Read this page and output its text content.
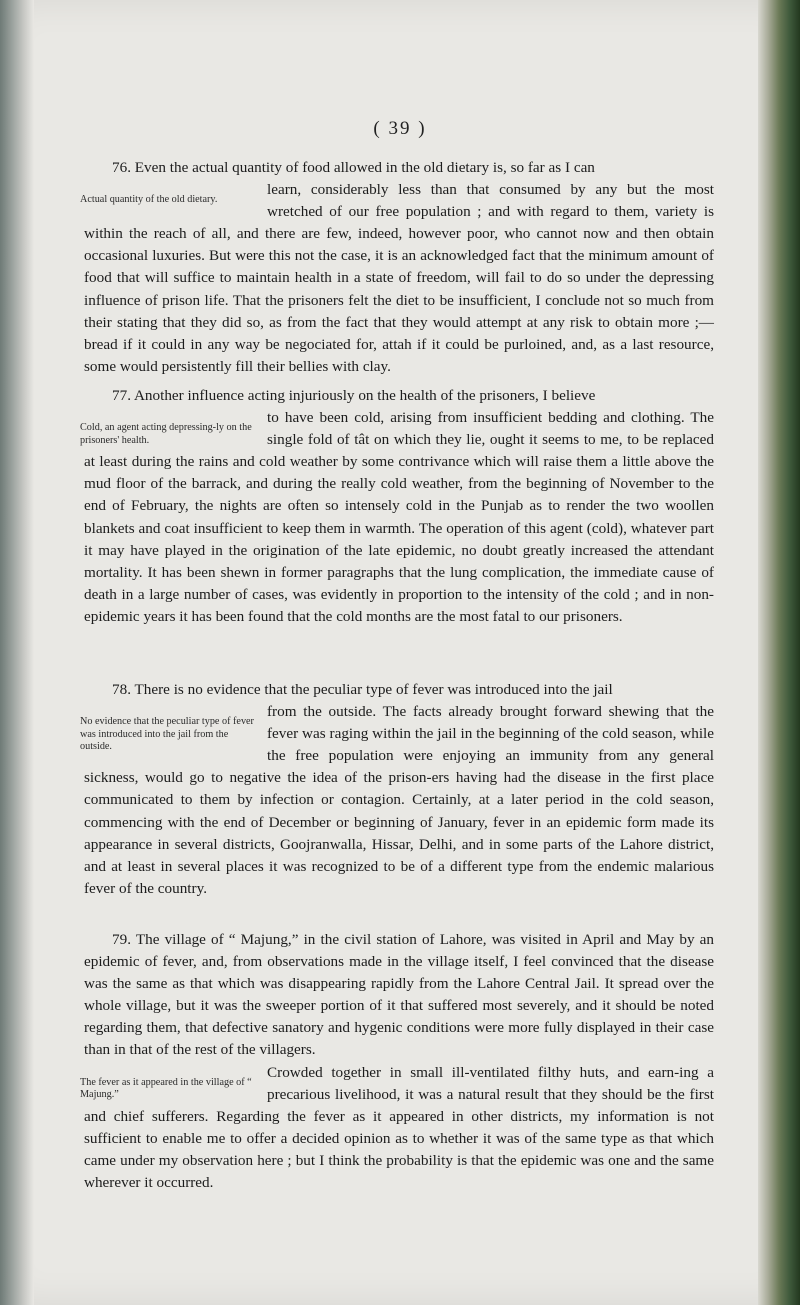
( 39 )
76. Even the actual quantity of food allowed in the old dietary is, so far as I can
Actual quantity of the old dietary.
learn, considerably less than that consumed by any but the most wretched of our free population ; and with regard to them, variety is within the reach of all, and there are few, indeed, however poor, who cannot now and then obtain occasional luxuries. But were this not the case, it is an acknowledged fact that the minimum amount of food that will suffice to maintain health in a state of freedom, will fail to do so under the depressing influence of prison life. That the prisoners felt the diet to be insufficient, I conclude not so much from their stating that they did so, as from the fact that they would attempt at any risk to obtain more ;—bread if it could in any way be negociated for, attah if it could be purloined, and, as a last resource, some would persistently fill their bellies with clay.
77. Another influence acting injuriously on the health of the prisoners, I believe
Cold, an agent acting depressing-ly on the prisoners' health.
to have been cold, arising from insufficient bedding and clothing. The single fold of tât on which they lie, ought it seems to me, to be replaced at least during the rains and cold weather by some contrivance which will raise them a little above the mud floor of the barrack, and during the really cold weather, from the beginning of November to the end of February, the nights are often so intensely cold in the Punjab as to render the two woollen blankets and coat insufficient to keep them in warmth. The operation of this agent (cold), whatever part it may have played in the origination of the late epidemic, no doubt greatly increased the attendant mortality. It has been shewn in former paragraphs that the lung complication, the immediate cause of death in a large number of cases, was evidently in proportion to the intensity of the cold ; and in non-epidemic years it has been found that the cold months are the most fatal to our prisoners.
78. There is no evidence that the peculiar type of fever was introduced into the jail
No evidence that the peculiar type of fever was introduced into the jail from the outside.
from the outside. The facts already brought forward shewing that the fever was raging within the jail in the beginning of the cold season, while the free population were enjoying an immunity from any general sickness, would go to negative the idea of the prison-ers having had the disease in the first place communicated to them by infection or contagion. Certainly, at a later period in the cold season, commencing with the end of December or beginning of January, fever in an epidemic form made its appearance in several districts, Goojranwalla, Hissar, Delhi, and in some parts of the Lahore district, and at least in several places it was recognized to be of a different type from the endemic malarious fever of the country.
79. The village of “ Majung,” in the civil station of Lahore, was visited in April and May by an epidemic of fever, and, from observations made in the village itself, I feel convinced that the disease was the same as that which was disappearing rapidly from the Lahore Central Jail. It spread over the whole village, but it was the sweeper portion of it that suffered most severely, and it should be noted regarding them, that defective sanatory and hygenic conditions were more fully displayed in their case than in that of the rest of the villagers.
The fever as it appeared in the village of “ Majung.”
Crowded together in small ill-ventilated filthy huts, and earn-ing a precarious livelihood, it was a natural result that they should be the first and chief sufferers. Regarding the fever as it appeared in other districts, my information is not sufficient to enable me to offer a decided opinion as to whether it was of the same type as that which came under my observation here ; but I think the probability is that the epidemic was one and the same wherever it occurred.
